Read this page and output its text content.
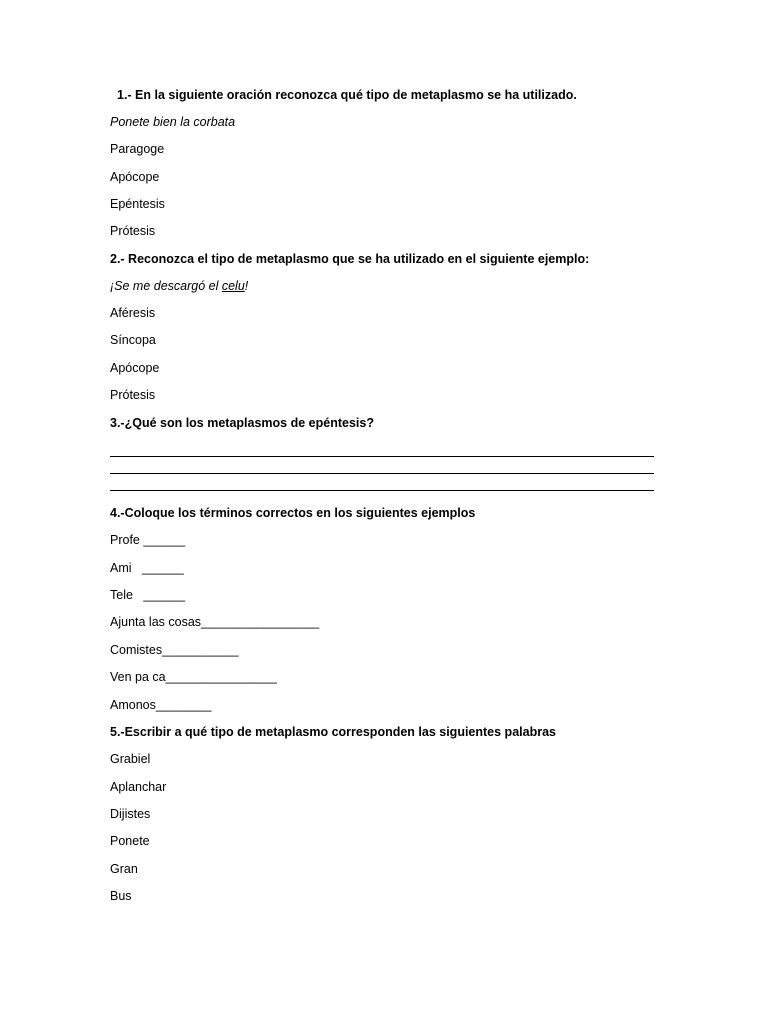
1.- En la siguiente oración reconozca qué tipo de metaplasmo se ha utilizado.
Ponete bien la corbata
Paragoge
Apócope
Epéntesis
Prótesis
2.- Reconozca el tipo de metaplasmo que se ha utilizado en el siguiente ejemplo:
¡Se me descargó el celu!
Aféresis
Síncopa
Apócope
Prótesis
3.-¿Qué son los metaplasmos de epéntesis?
4.-Coloque los términos correctos en los siguientes ejemplos
Profe ______
Ami   ______
Tele   ______
Ajunta las cosas_________________
Comistes___________
Ven pa ca________________
Amonos________
5.-Escribir a qué tipo de metaplasmo corresponden las siguientes palabras
Grabiel
Aplanchar
Dijistes
Ponete
Gran
Bus
